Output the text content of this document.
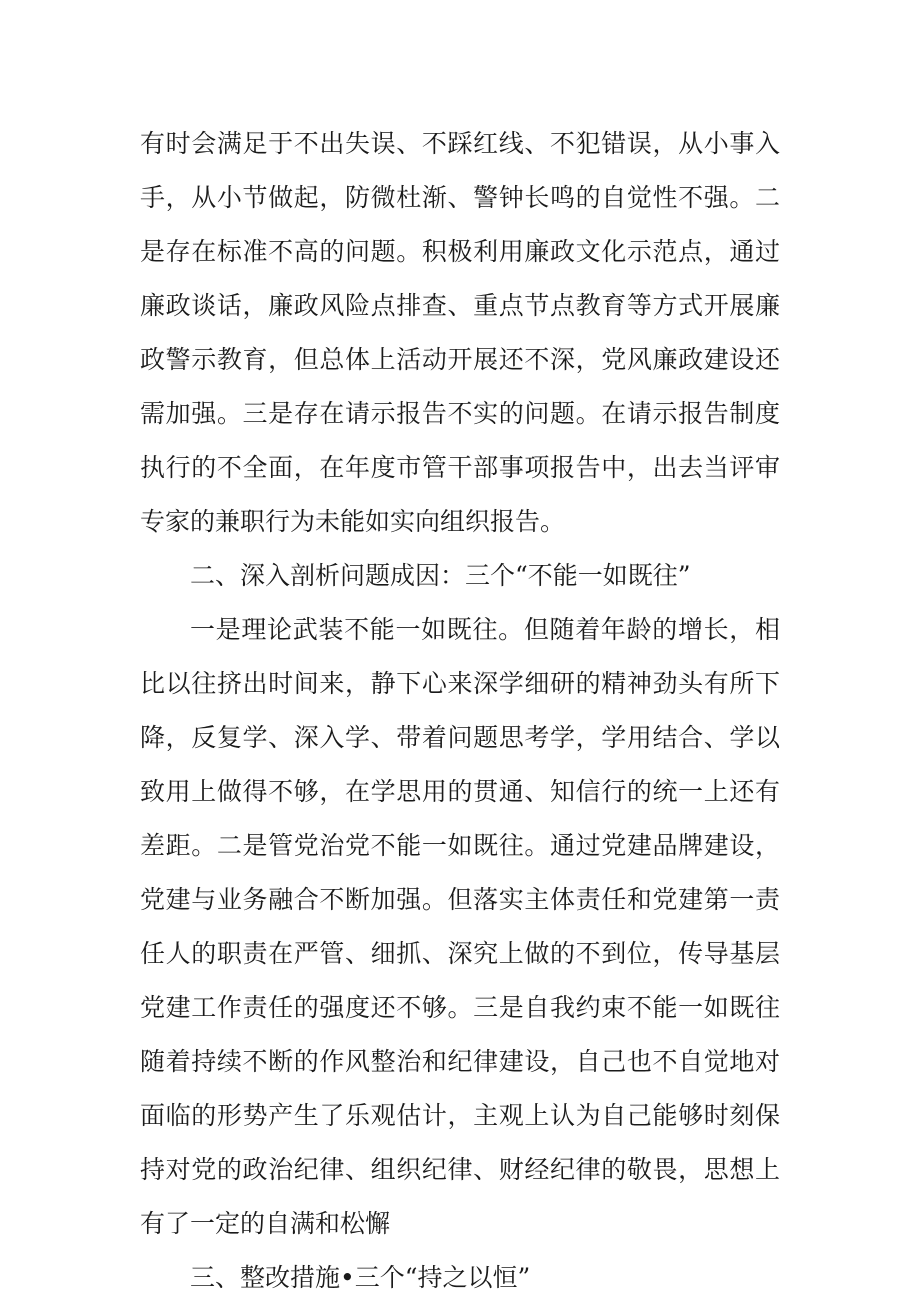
有时会满足于不出失误、不踩红线、不犯错误，从小事入
手，从小节做起，防微杜渐、警钟长鸣的自觉性不强。二
是存在标准不高的问题。积极利用廉政文化示范点，通过
廉政谈话，廉政风险点排查、重点节点教育等方式开展廉
政警示教育，但总体上活动开展还不深，党风廉政建设还
需加强。三是存在请示报告不实的问题。在请示报告制度
执行的不全面，在年度市管干部事项报告中，出去当评审
专家的兼职行为未能如实向组织报告。
二、深入剖析问题成因：三个“不能一如既往”
一是理论武装不能一如既往。但随着年龄的增长，相
比以往挤出时间来，静下心来深学细研的精神劲头有所下
降，反复学、深入学、带着问题思考学，学用结合、学以
致用上做得不够，在学思用的贯通、知信行的统一上还有
差距。二是管党治党不能一如既往。通过党建品牌建设，
党建与业务融合不断加强。但落实主体责任和党建第一责
任人的职责在严管、细抓、深究上做的不到位，传导基层
党建工作责任的强度还不够。三是自我约束不能一如既往
随着持续不断的作风整治和纪律建设，自己也不自觉地对
面临的形势产生了乐观估计，主观上认为自己能够时刻保
持对党的政治纪律、组织纪律、财经纪律的敬畏，思想上
有了一定的自满和松懈
三、整改措施•三个“持之以恒”
